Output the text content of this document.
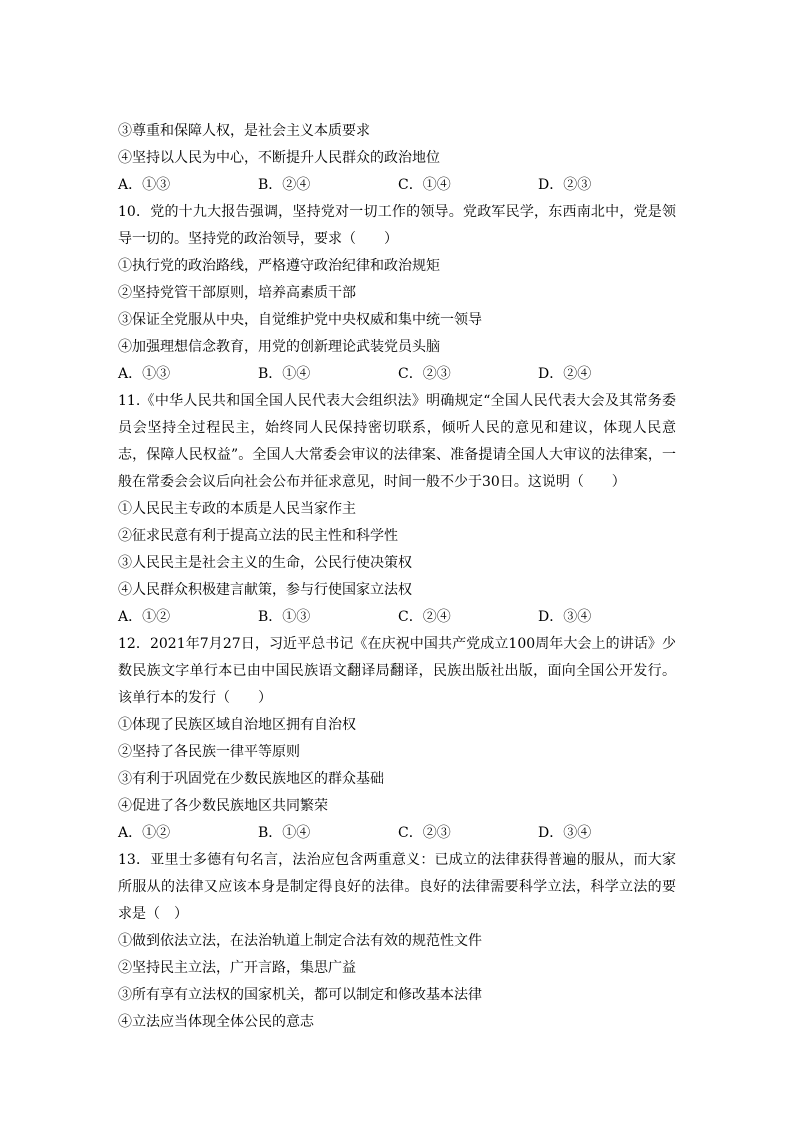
③尊重和保障人权，是社会主义本质要求
④坚持以人民为中心，不断提升人民群众的政治地位
A．①③	B．②④	C．①④	D．②③
10．党的十九大报告强调，坚持党对一切工作的领导。党政军民学，东西南北中，党是领导一切的。坚持党的政治领导，要求（　　）
①执行党的政治路线，严格遵守政治纪律和政治规矩
②坚持党管干部原则，培养高素质干部
③保证全党服从中央，自觉维护党中央权威和集中统一领导
④加强理想信念教育，用党的创新理论武装党员头脑
A．①③	B．①④	C．②③	D．②④
11.《中华人民共和国全国人民代表大会组织法》明确规定“全国人民代表大会及其常务委员会坚持全过程民主，始终同人民保持密切联系，倾听人民的意见和建议，体现人民意志，保障人民权益”。全国人大常委会审议的法律案、准备提请全国人大审议的法律案，一般在常委会会议后向社会公布并征求意见，时间一般不少于30日。这说明（　　）
①人民民主专政的本质是人民当家作主
②征求民意有利于提高立法的民主性和科学性
③人民民主是社会主义的生命，公民行使决策权
④人民群众积极建言献策，参与行使国家立法权
A．①②	B．①③	C．②④	D．③④
12．2021年7月27日，习近平总书记《在庆祝中国共产党成立100周年大会上的讲话》少数民族文字单行本已由中国民族语文翻译局翻译，民族出版社出版，面向全国公开发行。该单行本的发行（　　）
①体现了民族区域自治地区拥有自治权
②坚持了各民族一律平等原则
③有利于巩固党在少数民族地区的群众基础
④促进了各少数民族地区共同繁荣
A．①②	B．①④	C．②③	D．③④
13．亚里士多德有句名言，法治应包含两重意义：已成立的法律获得普遍的服从，而大家所服从的法律又应该本身是制定得良好的法律。良好的法律需要科学立法，科学立法的要求是（　）
①做到依法立法，在法治轨道上制定合法有效的规范性文件
②坚持民主立法，广开言路，集思广益
③所有享有立法权的国家机关，都可以制定和修改基本法律
④立法应当体现全体公民的意志
